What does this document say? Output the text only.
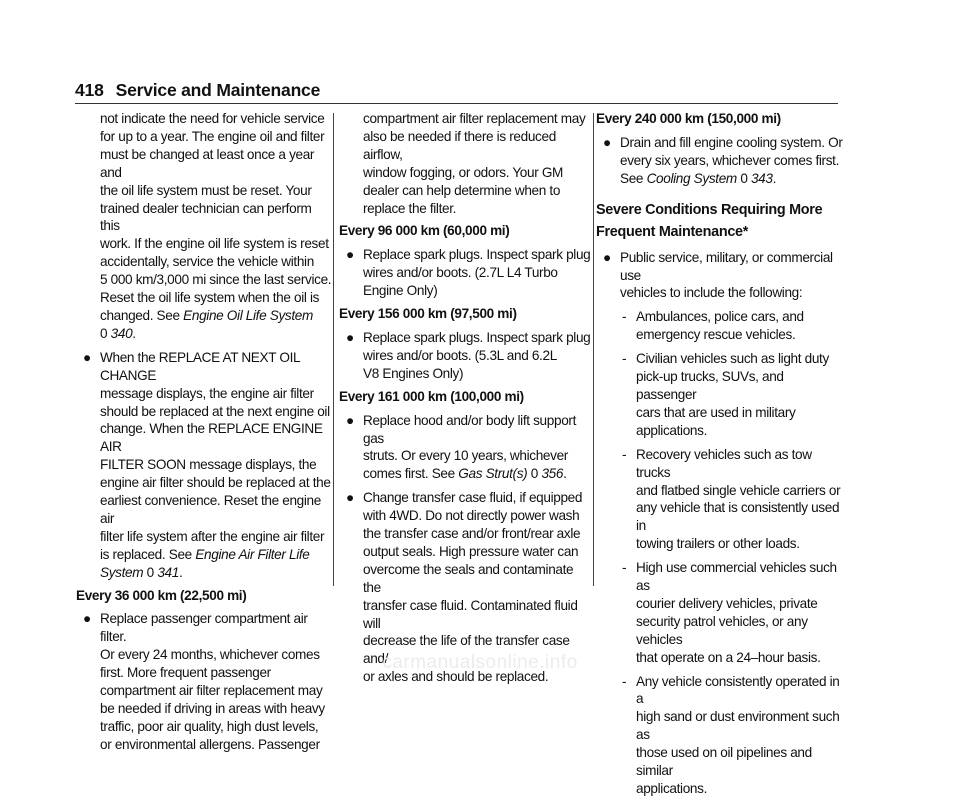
418 Service and Maintenance

not indicate the need for vehicle service
for up to a year. The engine oil and filter
must be changed at least once a year and
the oil life system must be reset. Your
trained dealer technician can perform this
work. If the engine oil life system is reset
accidentally, service the vehicle within
5 000 km/3,000 mi since the last service.
Reset the oil life system when the oil is
changed. See Engine Oil Life System
0 340.

● When the REPLACE AT NEXT OIL CHANGE
message displays, the engine air filter
should be replaced at the next engine oil
change. When the REPLACE ENGINE AIR
FILTER SOON message displays, the
engine air filter should be replaced at the
earliest convenience. Reset the engine air
filter life system after the engine air filter
is replaced. See Engine Air Filter Life
System 0 341.

Every 36 000 km (22,500 mi)

● Replace passenger compartment air filter.
Or every 24 months, whichever comes
first. More frequent passenger
compartment air filter replacement may
be needed if driving in areas with heavy
traffic, poor air quality, high dust levels,
or environmental allergens. Passenger

compartment air filter replacement may
also be needed if there is reduced airflow,
window fogging, or odors. Your GM
dealer can help determine when to
replace the filter.

Every 96 000 km (60,000 mi)

● Replace spark plugs. Inspect spark plug
wires and/or boots. (2.7L L4 Turbo
Engine Only)

Every 156 000 km (97,500 mi)

● Replace spark plugs. Inspect spark plug
wires and/or boots. (5.3L and 6.2L
V8 Engines Only)

Every 161 000 km (100,000 mi)

● Replace hood and/or body lift support gas
struts. Or every 10 years, whichever
comes first. See Gas Strut(s) 0 356.

● Change transfer case fluid, if equipped
with 4WD. Do not directly power wash
the transfer case and/or front/rear axle
output seals. High pressure water can
overcome the seals and contaminate the
transfer case fluid. Contaminated fluid will
decrease the life of the transfer case and/
or axles and should be replaced.

Every 240 000 km (150,000 mi)

● Drain and fill engine cooling system. Or
every six years, whichever comes first.
See Cooling System 0 343.

Severe Conditions Requiring More
Frequent Maintenance*

● Public service, military, or commercial use
vehicles to include the following:

- Ambulances, police cars, and
emergency rescue vehicles.

- Civilian vehicles such as light duty
pick-up trucks, SUVs, and passenger
cars that are used in military
applications.

- Recovery vehicles such as tow trucks
and flatbed single vehicle carriers or
any vehicle that is consistently used in
towing trailers or other loads.

- High use commercial vehicles such as
courier delivery vehicles, private
security patrol vehicles, or any vehicles
that operate on a 24–hour basis.

- Any vehicle consistently operated in a
high sand or dust environment such as
those used on oil pipelines and similar
applications.

carmanualsonline.info
